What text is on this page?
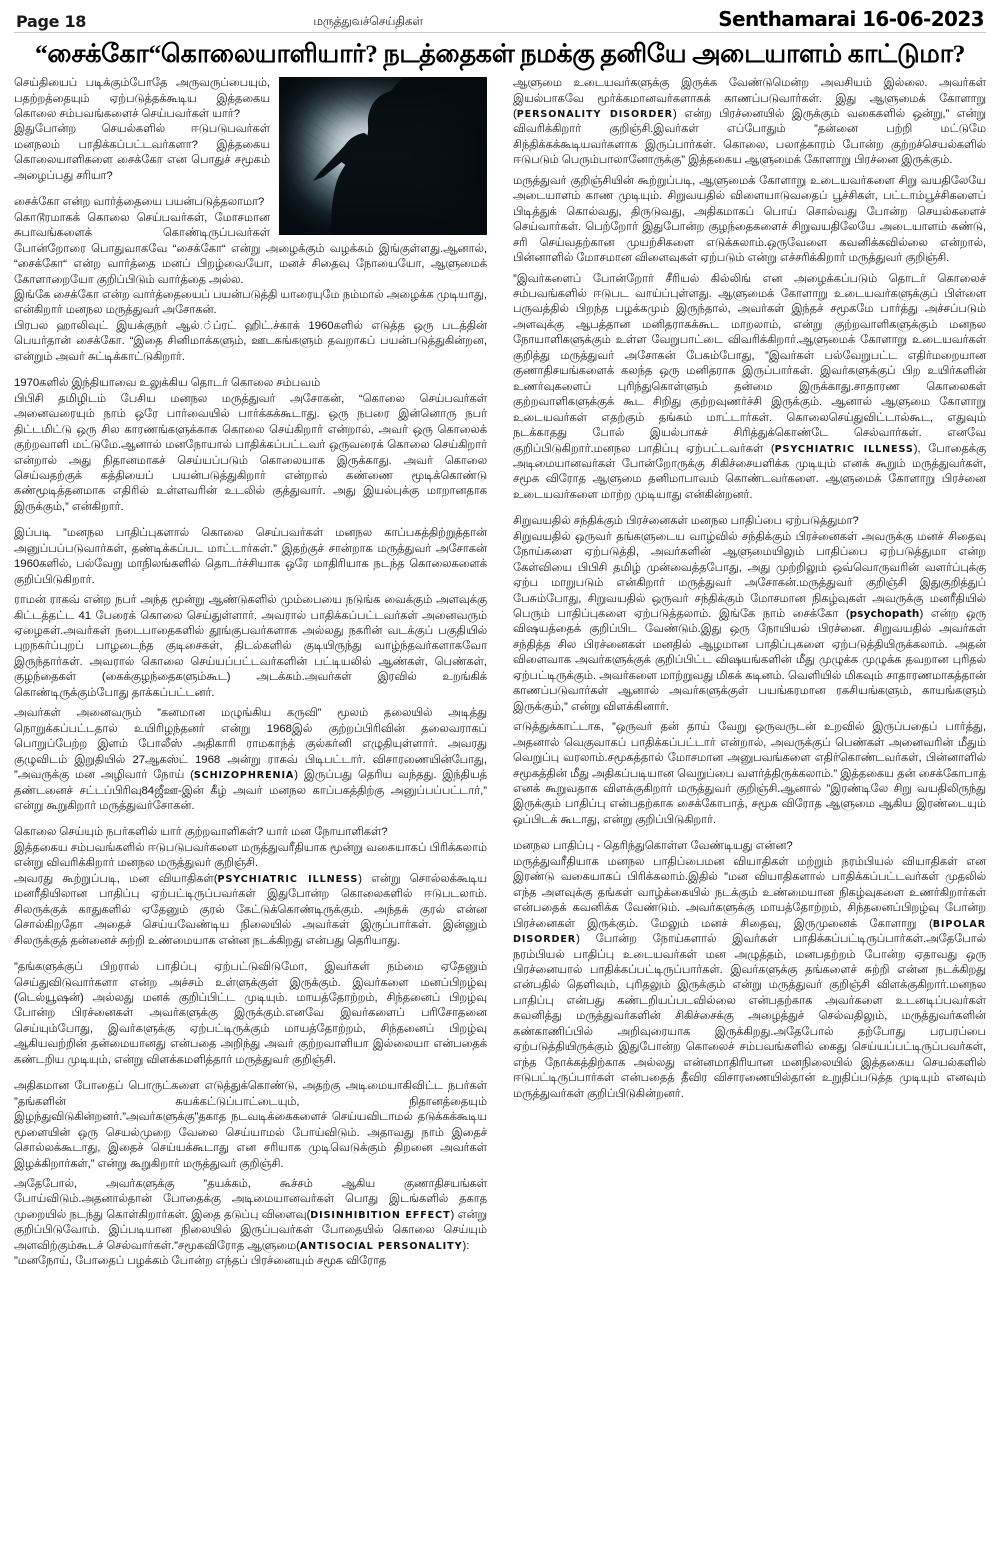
Page 18	மருத்துவச்செய்திகள்	Senthamarai 16-06-2023
“சைக்கோ“கொலையாளியார்? நடத்தைகள் நமக்கு தனியே அடையாளம் காட்டுமா?

செய்தியைப் படிக்கும்போதே அருவருப்பையும், பதற்றத்தையும் ஏற்படுத்தக்கூடிய இத்தகைய கொலை சம்பவங்களைச் செய்பவர்கள் யார்?

இதுபோன்ற செயல்களில் ஈடுபடுபவர்கள் மனநலம் பாதிக்கப்பட்டவர்களா? இத்தகைய கொலையாளிகளை சைக்கோ என பொதுச் சமூகம் அழைப்பது சரியா?

சைக்கோ என்ற வார்த்தையை பயன்படுத்தலாமா?

கொடூரமாகக் கொலை செய்பவர்கள், மோசமான சுபாவங்களைக் கொண்டிருப்பவர்கள் போன்றோரை பொதுவாகவே “சைக்கோ“ என்று அழைக்கும் வழக்கம் இங்குள்ளது.ஆனால், “சைக்கோ“ என்ற வார்த்தை மனப் பிறழ்வையோ, மனச் சிதைவு நோயையோ, ஆளுமைக் கோளாறையோ குறிப்பிடும் வார்த்தை அல்ல.

இங்கே சைக்கோ என்ற வார்த்தையைப் பயன்படுத்தி யாரையுமே நம்மால் அழைக்க முடியாது, என்கிறார் மனநல மருத்துவர் அசோகன்.

பிரபல ஹாலிவுட் இயக்குநர் ஆல்.்ப்ரட் ஹிட்.ச்காக் 1960களில் எடுத்த ஒரு படத்தின் பெயர்தான் சைக்கோ. “இதை சினிமாக்களும், ஊடகங்களும் தவறாகப் பயன்படுத்துகின்றன, என்றும் அவர் சுட்டிக்காட்டுகிறார்.

1970களில் இந்தியாவை உலுக்கிய தொடர் கொலை சம்பவம்

பிபிசி தமிழிடம் பேசிய மனநல மருத்துவர் அசோகன், “கொலை செய்பவர்கள் அனைவரையும் நாம் ஒரே பார்வையில் பார்க்கக்கூடாது. ஒரு நபரை இன்னொரு நபர் திட்டமிட்டு ஒரு சில காரணங்களுக்காக கொலை செய்கிறார் என்றால், அவர் ஒரு கொலைக் குற்றவாளி மட்டுமே.ஆனால் மனநோயால் பாதிக்கப்பட்டவர் ஒருவரைக் கொலை செய்கிறார் என்றால் அது நிதானமாகச் செய்யப்படும் கொலையாக இருக்காது. அவர் கொலை செய்வதற்குக் கத்தியைப் பயன்படுத்துகிறார் என்றால் கண்ணை மூடிக்கொண்டு கண்மூடித்தனமாக எதிரில் உள்ளவரின் உடலில் குத்துவார். அது இயல்புக்கு மாறானதாக இருக்கும்,” என்கிறார்.

இப்படி ”மனநல பாதிப்புகளால் கொலை செய்பவர்கள் மனநல காப்பகத்திற்றுத்தான் அனுப்பப்படுவார்கள், தண்டிக்கப்பட மாட்டார்கள்.” இதற்குச் சான்றாக மருத்துவர் அசோகன் 1960களில், பல்வேறு மாநிலங்களில் தொடர்ச்சியாக ஒரே மாதிரியாக நடந்த கொலைகளைக் குறிப்பிடுகிறார்.

ராமன் ராகவ் என்ற நபர் அந்த மூன்று ஆண்டுகளில் மும்பையை நடுங்க வைக்கும் அளவுக்கு கிட்டத்தட்ட 41 பேரைக் கொலை செய்துள்ளார். அவரால் பாதிக்கப்பட்டவர்கள் அனைவரும் ஏழைகள்.அவர்கள் நடைபாதைகளில் தூங்குபவர்களாக அல்லது நகரின் வடக்குப் பகுதியில் புறநகர்ப்புறப் பாழடைந்த குடிசைகள், திடல்களில் குடியிருந்து வாழ்ந்தவர்களாகவோ இருந்தார்கள். அவரால் கொலை செய்யப்பட்டவர்களின் பட்டியலில் ஆண்கள், பெண்கள், குழந்தைகள் (கைக்குழந்தைகளும்கூட) அடக்கம்.அவர்கள் இரவில் உறங்கிக் கொண்டிருக்கும்போது தாக்கப்பட்டனர்.

அவர்கள் அனைவரும் ”கனமான மழுங்கிய கருவி” மூலம் தலையில் அடித்து நொறுக்கப்பட்டதால் உயிரிழந்தனர் என்று 1968இல் குற்றப்பிரிவின் தலைவராகப் பொறுப்பேற்ற இளம் போலீஸ் அதிகாரி ராமகாந்த் குல்கர்னி எழுதியுள்ளார். அவரது குழுவிடம் இறுதியில் 27ஆகஸ்ட் 1968 அன்று ராகவ் பிடிபட்டார். விசாரணையின்போது, ”அவருக்கு மன அழிவார் நோய் (SCHIZOPHRENIA) இருப்பது தெரிய வந்தது. இந்தியத் தண்டனைச் சட்டப்பிரிவு84ஜீஊ-இன் கீழ் அவர் மனநல காப்பகத்திற்கு அனுப்பப்பட்டார்,” என்று கூறுகிறார் மருத்துவர்சோகன்.

கொலை செய்யும் நபர்களில் யார் குற்றவாளிகள்? யார் மன நோயாளிகள்?

இத்தகைய சம்பவங்களில் ஈடுபடுபவர்களை மருத்துவரீதியாக மூன்று வகையாகப் பிரிக்கலாம் என்று விவரிக்கிறார் மனநல மருத்துவர் குறிஞ்சி.

அவரது கூற்றுப்படி, மன வியாதிகள்(PSYCHIATRIC ILLNESS) என்று சொல்லக்கூடிய மனரீதியிலான பாதிப்பு ஏற்பட்டிருப்பவர்கள் இதுபோன்ற கொலைகளில் ஈடுபடலாம். சிலருக்குக் காதுகளில் ஏதேனும் குரல் கேட்டுக்கொண்டிருக்கும். அந்தக் குரல் என்ன சொல்கிறதோ அதைச் செய்யவேண்டிய நிலையில் அவர்கள் இருப்பார்கள். இன்னும் சிலருக்குத் தன்னைச் சுற்றி உண்மையாக என்ன நடக்கிறது என்பது தெரியாது.

”தங்களுக்குப் பிறரால் பாதிப்பு ஏற்பட்டுவிடுமோ, இவர்கள் நம்மை ஏதேனும் செய்துவிடுவார்களா என்ற அச்சம் உள்ளுக்குள் இருக்கும். இவர்களை மனப்பிறழ்வு (டெல்யூஷன்) அல்லது மனக் குறிப்பிட்ட முடியும். மாயத்தோற்றம், சிந்தனைப் பிறழ்வு போன்ற பிரச்னைகள் அவர்களுக்கு இருக்கும்.எனவே இவர்களைப் பரிசோதனை செய்யும்போது, இவர்களுக்கு ஏற்பட்டிருக்கும் மாயத்தோற்றம், சிந்தனைப் பிறழ்வு ஆகியவற்றின் தன்மையானது என்பதை அறிந்து அவர் குற்றவாளியா இல்லையா என்பதைக் கண்டறிய முடியும், என்று விளக்கமளித்தார் மருத்துவர் குறிஞ்சி.

அதிகமான போதைப் பொருட்களை எடுத்துக்கொண்டு, அதற்கு அடிமையாகிவிட்ட நபர்கள் ”தங்களின் சுயக்கட்டுப்பாட்டையும், நிதானத்தையும் இழந்துவிடுகின்றனர்.”அவர்களுக்கு”தகாத நடவடிக்கைகளைச் செய்யவிடாமல் தடுக்கக்கூடிய மூளையின் ஒரு செயல்முறை வேலை செய்யாமல் போய்விடும். அதாவது நாம் இதைச் சொல்லக்கூடாது, இதைச் செய்யக்கூடாது என சரியாக முடிவெடுக்கும் திறனை அவர்கள் இழக்கிறார்கள்,” என்று கூறுகிறார் மருத்துவர் குறிஞ்சி.

அதேபோல், அவர்களுக்கு ”தயக்கம், கூச்சம் ஆகிய குணாதிசயங்கள் போய்விடும்.அதனால்தான் போதைக்கு அடிமையானவர்கள் பொது இடங்களில் தகாத முறையில் நடந்து கொள்கிறார்கள். இதை தடுப்பு விளைவு(DISINHIBITION EFFECT) என்று குறிப்பிடுவோம். இப்படியான நிலையில் இருப்பவர்கள் போதையில் கொலை செய்யும் அளவிற்கும்கூடச் செல்வார்கள்.”சமூகவிரோத ஆளுமை(ANTISOCIAL PERSONALITY):

”மனநோய், போதைப் பழக்கம் போன்ற எந்தப் பிரச்னையும் சமூக விரோத

ஆளுமை உடையவர்களுக்கு இருக்க வேண்டுமென்ற அவசியம் இல்லை. அவர்கள் இயல்பாகவே மூர்க்கமானவர்களாகக் காணப்படுவார்கள். இது ஆளுமைக் கோளாறு (PERSONALITY DISORDER) என்ற பிரச்னையில் இருக்கும் வகைகளில் ஒன்று,” என்று விவரிக்கிறார் குறிஞ்சி.இவர்கள் எப்போதும் ”தன்னை பற்றி மட்டுமே சிந்திக்கக்கூடியவர்களாக இருப்பார்கள். கொலை, பலாத்காரம் போன்ற குற்றச்செயல்களில் ஈடுபடும் பெரும்பாலானோருக்கு” இத்தகைய ஆளுமைக் கோளாறு பிரச்னை இருக்கும்.

மருத்துவர் குறிஞ்சியின் கூற்றுப்படி, ஆளுமைக் கோளாறு உடையவர்களை சிறு வயதிலேயே அடையாளம் காண முடியும். சிறுவயதில் விளையாடுவதைப் பூச்சிகள், பட்டாம்பூச்சிகளைப் பிடித்துக் கொல்வது, திருடுவது, அதிகமாகப் பொய் சொல்வது போன்ற செயல்களைச் செய்வார்கள். பெற்றோர் இதுபோன்ற குழந்தைகளைச் சிறுவயதிலேயே அடையாளம் கண்டு, சரி செய்வதற்கான முயற்சிகளை எடுக்கலாம்.ஒருவேளை கவனிக்கவில்லை என்றால், பின்னாளில் மோசமான விளைவுகள் ஏற்படும் என்று எச்சரிக்கிறார் மருத்துவர் குறிஞ்சி.

”இவர்களைப் போன்றோர் சீரியல் கில்லிங் என அழைக்கப்படும் தொடர் கொலைச் சம்பவங்களில் ஈடுபட வாய்ப்புள்ளது. ஆளுமைக் கோளாறு உடையவர்களுக்குப் பிள்ளை பருவத்தில் பிறந்த பழக்கமும் இருந்தால், அவர்கள் இந்தச் சமூகமே பார்த்து அச்சப்படும் அளவுக்கு ஆபத்தான மனிதராகக்கூட மாறலாம், என்று குற்றவாளிகளுக்கும் மனநல நோயாளிகளுக்கும் உள்ள வேறுபாட்டை விவரிக்கிறார்.ஆளுமைக் கோளாறு உடையவர்கள் குறித்து மருத்துவர் அசோகன் பேசும்போது, ”இவர்கள் பல்வேறுபட்ட எதிர்மறையான குணாதிசயங்களைக் கலந்த ஒரு மனிதராக இருப்பார்கள். இவர்களுக்குப் பிற உயிர்களின் உணர்வுகளைப் புரிந்துகொள்ளும் தன்மை இருக்காது.சாதாரண கொலைகள் குற்றவாளிகளுக்குக் கூட சிறிது குற்றவுணர்ச்சி இருக்கும். ஆனால் ஆளுமை கோளாறு உடையவர்கள் எதற்கும் தங்கம் மாட்டார்கள். கொலைசெய்துவிட்டால்கூட, எதுவும் நடக்காதது போல் இயல்பாகச் சிரித்துக்கொண்டே செல்வார்கள். எனவே குறிப்பிடுகிறார்.மனநல பாதிப்பு ஏற்பட்டவர்கள் (PSYCHIATRIC ILLNESS), போதைக்கு அடிமையானவர்கள் போன்றோருக்கு சிகிச்சையளிக்க முடியும் எனக் கூறும் மருத்துவர்கள், சமூக விரோத ஆளுமை தனிமாபாவம் கொண்டவர்களை. ஆளுமைக் கோளாறு பிரச்னை உடையவர்களை மாற்ற முடியாது என்கின்றனர்.

சிறுவயதில் சந்திக்கும் பிரச்னைகள் மனநல பாதிப்பை ஏற்படுத்துமா?

சிறுவயதில் ஒருவர் தங்களுடைய வாழ்வில் சந்திக்கும் பிரச்னைகள் அவருக்கு மனச் சிதைவு நோய்களை ஏற்படுத்தி, அவர்களின் ஆளுமையிலும் பாதிப்பை ஏற்படுத்துமா என்ற கேள்வியை பிபிசி தமிழ் முன்வைத்தபோது, அது முற்றிலும் ஒவ்வொருவரின் வளர்ப்புக்கு ஏற்ப மாறுபடும் என்கிறார் மருத்துவர் அசோகன்.மருத்துவர் குறிஞ்சி இதுகுறித்துப் பேசும்போது, சிறுவயதில் ஒருவர் சந்திக்கும் மோசமான நிகழ்வுகள் அவருக்கு மனரீதியில் பெரும் பாதிப்புகளை ஏற்படுத்தலாம். இங்கே நாம் சைக்கோ (psychopath) என்ற ஒரு விஷயத்தைக் குறிப்பிட வேண்டும்.இது ஒரு நோயியல் பிரச்னை. சிறுவயதில் அவர்கள் சந்தித்த சில பிரச்னைகள் மனதில் ஆழமான பாதிப்புகளை ஏற்படுத்தியிருக்கலாம். அதன் விளைவாக அவர்களுக்குக் குறிப்பிட்ட விஷயங்களின் மீது முழுக்க முழுக்க தவறான புரிதல் ஏற்பட்டிருக்கும். அவர்களை மாற்றுவது மிகக் கடினம். வெளியில் மிகவும் சாதாரணமாகத்தான் காணப்படுவார்கள் ஆனால் அவர்களுக்குள் பயங்கரமான ரகசியங்களும், காயங்களும் இருக்கும்,” என்று விளக்கினார்.

எடுத்துக்காட்டாக, ”ஒருவர் தன் தாய் வேறு ஒருவருடன் உறவில் இருப்பதைப் பார்த்து, அதனால் வெகுவாகப் பாதிக்கப்பட்டார் என்றால், அவருக்குப் பெண்கள் அனைவரின் மீதும் வெறுப்பு வரலாம்.சமூகத்தால் மோசமான அனுபவங்களை எதிர்கொண்டவர்கள், பின்னாளில் சமூகத்தின் மீது அதிகப்படியான வெறுப்பை வளர்த்திருக்கலாம்.” இத்தகைய தன் சைக்கோபாத் எனக் கூறுவதாக விளக்குகிறார் மருத்துவர் குறிஞ்சி.ஆனால் ”இரண்டிலே சிறு வயதிலிருந்து இருக்கும் பாதிப்பு என்பதற்காக சைக்கோபாத், சமூக விரோத ஆளுமை ஆகிய இரண்டையும் ஒப்பிடக் கூடாது, என்று குறிப்பிடுகிறார்.

மனநல பாதிப்பு - தெரிந்துகொள்ள வேண்டியது என்ன?

மருத்துவரீதியாக மனநல பாதிப்பைமன வியாதிகள் மற்றும் நரம்பியல் வியாதிகள் என இரண்டு வகையாகப் பிரிக்கலாம்.இதில் ”மன வியாதிகளால் பாதிக்கப்பட்டவர்கள் முதலில் எந்த அளவுக்கு தங்கள் வாழ்க்கையில் நடக்கும் உண்மையான நிகழ்வுகளை உணர்கிறார்கள் என்பதைக் கவனிக்க வேண்டும். அவர்களுக்கு மாயத்தோற்றம், சிந்தனைப்பிறழ்வு போன்ற பிரச்னைகள் இருக்கும். மேலும் மனச் சிதைவு, இருமுனைக் கோளாறு (BIPOLAR DISORDER) போன்ற நோய்களால் இவர்கள் பாதிக்கப்பட்டிருப்பார்கள்.அதேபோல் நரம்பியல் பாதிப்பு உடையவர்கள் மன அழுத்தம், மனபதற்றம் போன்ற ஏதாவது ஒரு பிரச்னையால் பாதிக்கப்பட்டிருப்பார்கள். இவர்களுக்கு தங்களைச் சுற்றி என்ன நடக்கிறது என்பதில் தெளிவும், புரிதலும் இருக்கும் என்று மருத்துவர் குறிஞ்சி விளக்குகிறார்.மனநல பாதிப்பு என்பது கண்டறியப்படவில்லை என்பதற்காக அவர்களை உடனடிப்பவர்கள் கவனித்து மருத்துவர்களின் சிகிச்சைக்கு அழைத்துச் செல்வதிலும், மருத்துவர்களின் கண்காணிப்பில் அறிவுரையாக இருக்கிறது.அதேபோல் தற்போது பரபரப்பை ஏற்படுத்தியிருக்கும் இதுபோன்ற கொலைச் சம்பவங்களில் கைது செய்யப்பட்டிருப்பவர்கள், எந்த நோக்கத்திற்காக அல்லது என்னமாதிரியான மனநிலையில் இத்தகைய செயல்களில் ஈடுபட்டிருப்பார்கள் என்பதைத் தீவிர விசாரணையில்தான் உறுதிப்படுத்த முடியும் எனவும் மருத்துவர்கள் குறிப்பிடுகின்றனர்.
